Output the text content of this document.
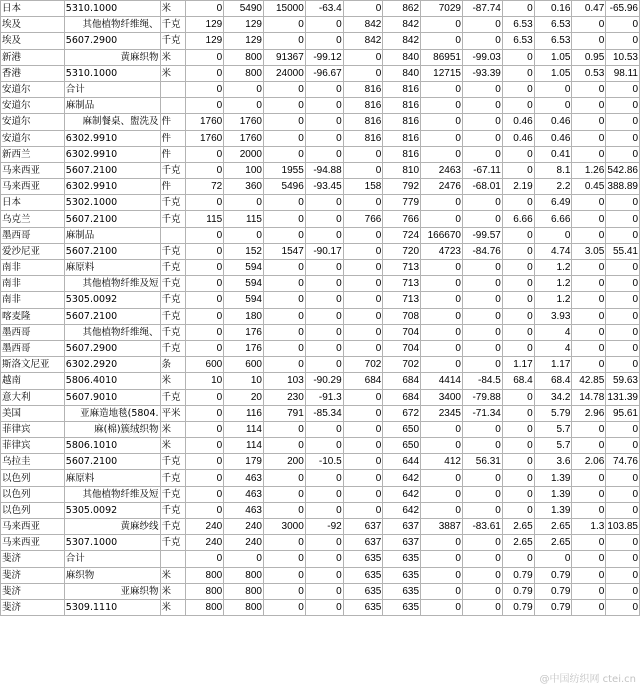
日本	5310.1000	米	0	5490	15000	-63.4	0	862	7029	-87.74	0	0.16	0.47	-65.96
埃及	其他植物纤维绳、	千克	129	129	0	0	842	842	0	0	6.53	6.53	0	0
埃及	5607.2900	千克	129	129	0	0	842	842	0	0	6.53	6.53	0	0
新港	黄麻织物	米	0	800	91367	-99.12	0	840	86951	-99.03	0	1.05	0.95	10.53
香港	5310.1000	米	0	800	24000	-96.67	0	840	12715	-93.39	0	1.05	0.53	98.11
安道尔	合计		0	0	0	0	816	816	0	0	0	0	0	0
安道尔	麻制品		0	0	0	0	816	816	0	0	0	0	0	0
安道尔	麻制餐桌、盥洗及	件	1760	1760	0	0	816	816	0	0	0.46	0.46	0	0
安道尔	6302.9910	件	1760	1760	0	0	816	816	0	0	0.46	0.46	0	0
新西兰	6302.9910	件	0	2000	0	0	0	816	0	0	0	0.41	0	0
马来西亚	5607.2100	千克	0	100	1955	-94.88	0	810	2463	-67.11	0	8.1	1.26	542.86
马来西亚	6302.9910	件	72	360	5496	-93.45	158	792	2476	-68.01	2.19	2.2	0.45	388.89
日本	5302.1000	千克	0	0	0	0	0	779	0	0	0	6.49	0	0
乌克兰	5607.2100	千克	115	115	0	0	766	766	0	0	6.66	6.66	0	0
墨西哥	麻制品		0	0	0	0	0	724	166670	-99.57	0	0	0	0
爱沙尼亚	5607.2100	千克	0	152	1547	-90.17	0	720	4723	-84.76	0	4.74	3.05	55.41
南非	麻原料	千克	0	594	0	0	0	713	0	0	0	1.2	0	0
南非	其他植物纤维及短	千克	0	594	0	0	0	713	0	0	0	1.2	0	0
南非	5305.0092	千克	0	594	0	0	0	713	0	0	0	1.2	0	0
喀麦隆	5607.2100	千克	0	180	0	0	0	708	0	0	0	3.93	0	0
墨西哥	其他植物纤维绳、	千克	0	176	0	0	0	704	0	0	0	4	0	0
墨西哥	5607.2900	千克	0	176	0	0	0	704	0	0	0	4	0	0
斯洛文尼亚	6302.2920	条	600	600	0	0	702	702	0	0	1.17	1.17	0	0
越南	5806.4010	米	10	10	103	-90.29	684	684	4414	-84.5	68.4	68.4	42.85	59.63
意大利	5607.9010	千克	0	20	230	-91.3	0	684	3400	-79.88	0	34.2	14.78	131.39
美国	亚麻造地毯(5804.	平米	0	116	791	-85.34	0	672	2345	-71.34	0	5.79	2.96	95.61
菲律宾	麻(棉)簇绒织物	米	0	114	0	0	0	650	0	0	0	5.7	0	0
菲律宾	5806.1010	米	0	114	0	0	0	650	0	0	0	5.7	0	0
乌拉圭	5607.2100	千克	0	179	200	-10.5	0	644	412	56.31	0	3.6	2.06	74.76
以色列	麻原料	千克	0	463	0	0	0	642	0	0	0	1.39	0	0
以色列	其他植物纤维及短	千克	0	463	0	0	0	642	0	0	0	1.39	0	0
以色列	5305.0092	千克	0	463	0	0	0	642	0	0	0	1.39	0	0
马来西亚	黄麻纱线	千克	240	240	3000	-92	637	637	3887	-83.61	2.65	2.65	1.3	103.85
马来西亚	5307.1000	千克	240	240	0	0	637	637	0	0	2.65	2.65	0	0
斐济	合计		0	0	0	0	635	635	0	0	0	0	0	0
斐济	麻织物	米	800	800	0	0	635	635	0	0	0.79	0.79	0	0
斐济	亚麻织物	米	800	800	0	0	635	635	0	0	0.79	0.79	0	0
斐济	5309.1110	米	800	800	0	0	635	635	0	0	0.79	0.79	0	0
@中国纺织网 ctei.cn
